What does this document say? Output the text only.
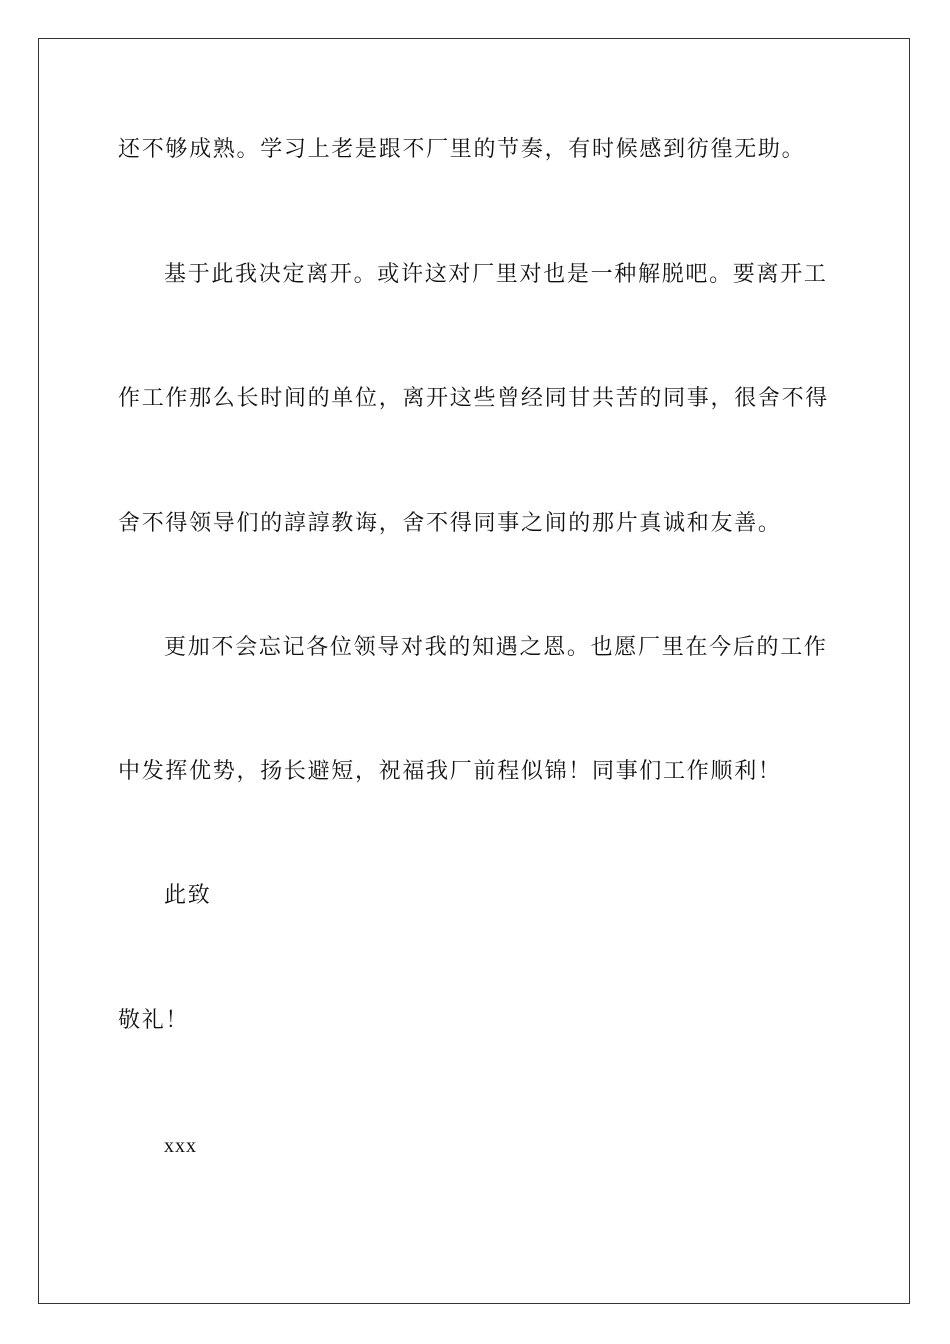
还不够成熟。学习上老是跟不厂里的节奏，有时候感到彷徨无助。
基于此我决定离开。或许这对厂里对也是一种解脱吧。要离开工
作工作那么长时间的单位，离开这些曾经同甘共苦的同事，很舍不得
舍不得领导们的諄諄教诲，舍不得同事之间的那片真诚和友善。
更加不会忘记各位领导对我的知遇之恩。也愿厂里在今后的工作
中发挥优势，扬长避短，祝福我厂前程似锦！同事们工作顺利！
此致
敬礼！
xxx
